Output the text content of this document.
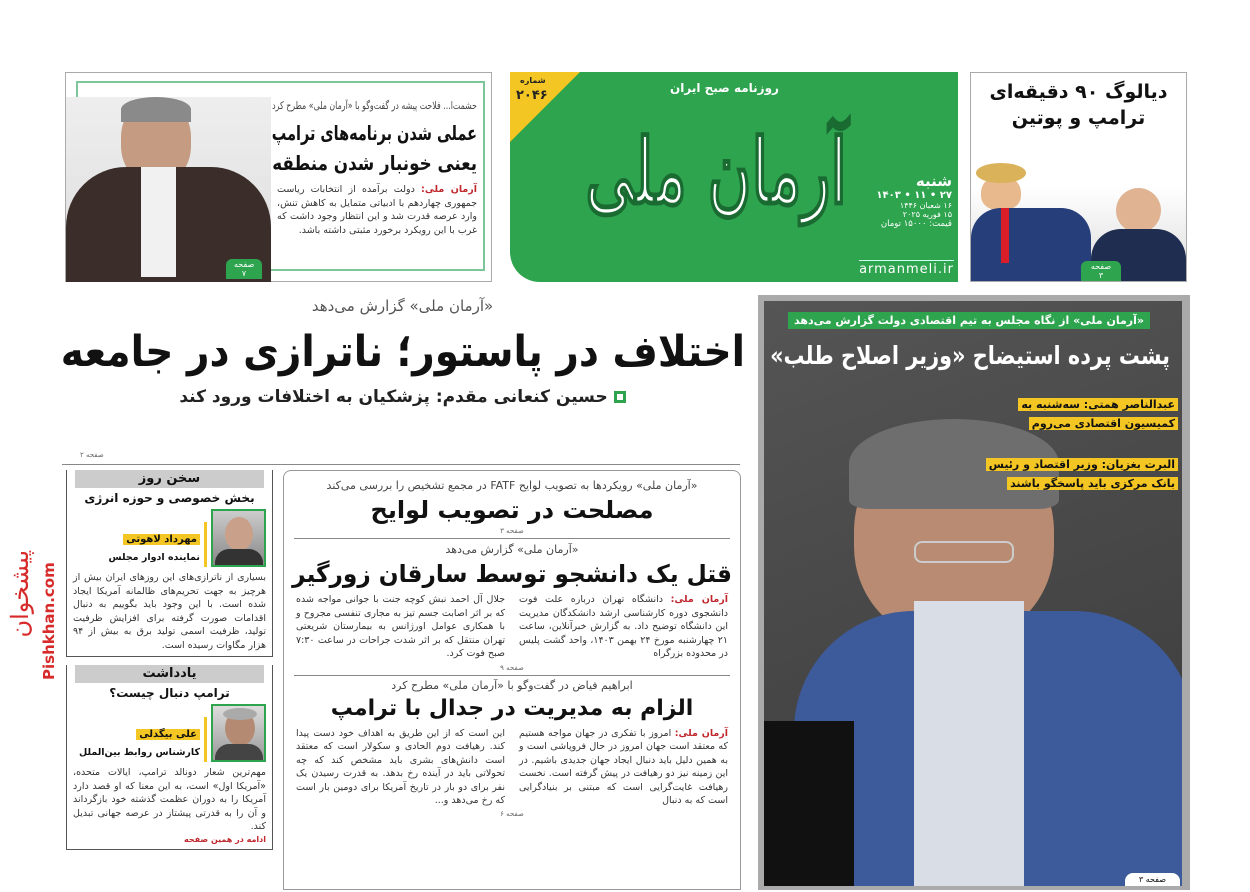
دیالوگ ۹۰ دقیقه‌ای ترامپ و پوتین
صفحه ۳
شماره
۲۰۴۶	روزنامه صبح ایران
آرمان ملی	شنبه
۲۷ • ۱۱ • ۱۴۰۳
۱۶ شعبان ۱۴۴۶
۱۵ فوریه ۲۰۲۵
قیمت: ۱۵۰۰۰ تومان
armanmeli.ir
حشمت‌ا... فلاحت پیشه در گفت‌وگو با «آرمان ملی» مطرح کرد
عملی شدن برنامه‌های ترامپ
یعنی خونبار شدن منطقه
آرمان ملی: دولت برآمده از انتخابات ریاست جمهوری چهاردهم با ادبیاتی متمایل به کاهش تنش، وارد عرصه قدرت شد و این انتظار وجود داشت که غرب با این رویکرد برخورد مثبتی داشته باشد.
صفحه ۷
«آرمان ملی» گزارش می‌دهد
اختلاف در پاستور؛ ناترازی در جامعه
حسین کنعانی مقدم: پزشکیان به اختلافات ورود کند
صفحه ۲
«آرمان ملی» از نگاه مجلس به تیم اقتصادی دولت گزارش می‌دهد
پشت پرده استیضاح «وزیر اصلاح طلب»
عبدالناصر همتی: سه‌شنبه به
کمیسیون اقتصادی می‌روم
البرت بغزیان: وزیر اقتصاد و رئیس
بانک مرکزی باید پاسخگو باشند
صفحه ۳
«آرمان ملی» رویکردها به تصویب لوایح FATF در مجمع تشخیص را بررسی می‌کند
مصلحت در تصویب لوایح
صفحه ۳
«آرمان ملی» گزارش می‌دهد
قتل یک دانشجو توسط سارقان زورگیر
آرمان ملی: دانشگاه تهران درباره علت فوت دانشجوی دوره کارشناسی ارشد دانشکدگان مدیریت این دانشگاه توضیح داد. به گزارش خبرآنلاین، ساعت ۲۱ چهارشنبه مورخ ۲۴ بهمن ۱۴۰۳، واحد گشت پلیس در محدوده بزرگراه
جلال آل احمد نبش کوچه جنت با جوانی مواجه شده که بر اثر اصابت جسم تیز به مجاری تنفسی مجروح و با همکاری عوامل اورژانس به بیمارستان شریعتی تهران منتقل که بر اثر شدت جراحات در ساعت ۷:۳۰ صبح فوت کرد.
صفحه ۹
ابراهیم فیاض در گفت‌وگو با «آرمان ملی» مطرح کرد
الزام به مدیریت در جدال با ترامپ
آرمان ملی: امروز با تفکری در جهان مواجه هستیم که معتقد است جهان امروز در حال فروپاشی است و به همین دلیل باید دنبال ایجاد جهان جدیدی باشیم. در این زمینه نیز دو رهیافت در پیش گرفته است. نخست رهیافت غایت‌گرایی است که مبتنی بر بنیادگرایی است که به دنبال
این است که از این طریق به اهداف خود دست پیدا کند. رهیافت دوم الحادی و سکولار است که معتقد است دانش‌های بشری باید مشخص کند که چه تحولاتی باید در آینده رخ بدهد. به قدرت رسیدن یک نفر برای دو بار در تاریخ آمریکا برای دومین بار است که رخ می‌دهد و...
صفحه ۶
سخن روز
بخش خصوصی و حوزه انرژی
مهرداد لاهوتی
نماینده ادوار مجلس
بسیاری از ناترازی‌های این روزهای ایران بیش از هرچیز به جهت تحریم‌های ظالمانه آمریکا ایجاد شده است. با این وجود باید بگوییم به دنبال اقدامات صورت گرفته برای افزایش ظرفیت تولید، ظرفیت اسمی تولید برق به بیش از ۹۴ هزار مگاوات رسیده است.
یادداشت
ترامپ دنبال چیست؟
علی بیگدلی
کارشناس روابط بین‌الملل
مهم‌ترین شعار دونالد ترامپ، ایالات متحده، «آمریکا اول» است، به این معنا که او قصد دارد آمریکا را به دوران عظمت گذشته خود بازگرداند و آن را به قدرتی پیشتاز در عرصه جهانی تبدیل کند.
ادامه در همین صفحه
پیشخوان Pishkhan.com
